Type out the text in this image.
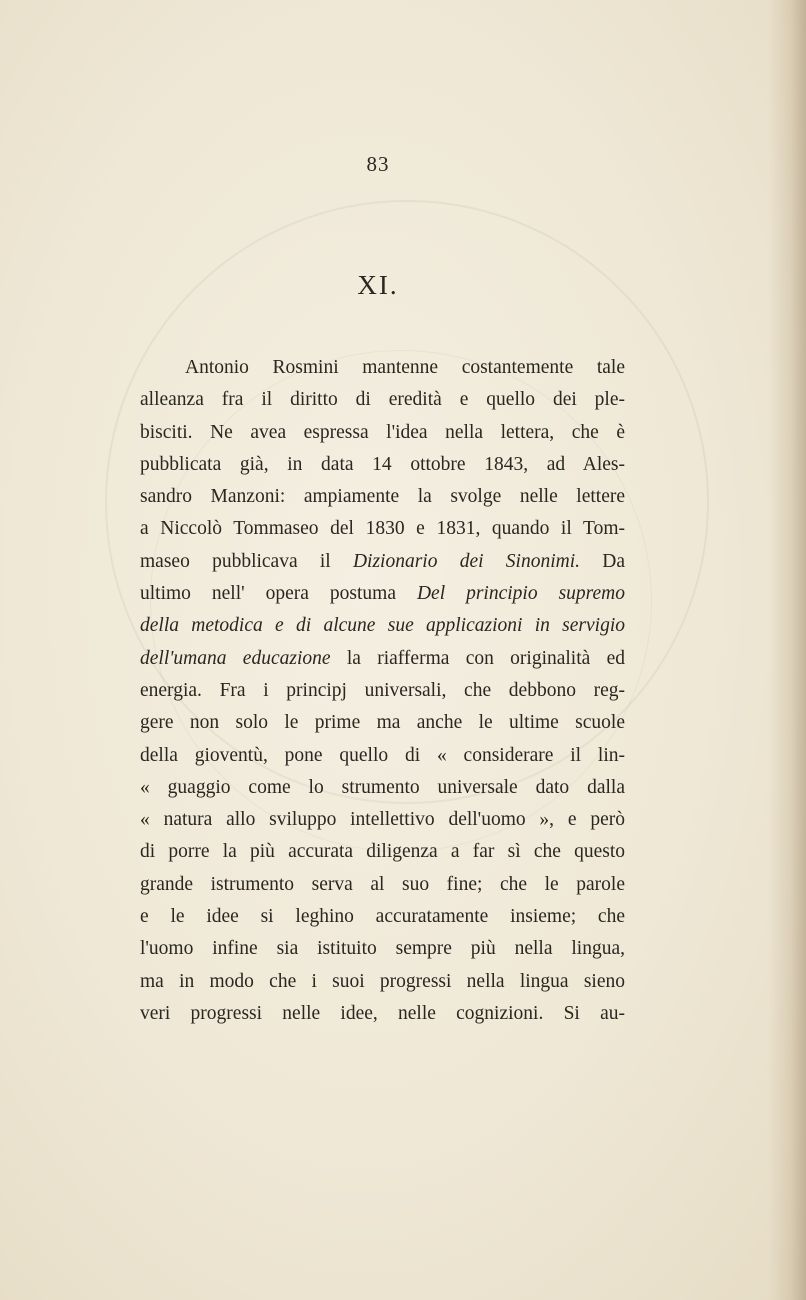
83
XI.
Antonio Rosmini mantenne costantemente tale
alleanza fra il diritto di eredità e quello dei ple-
bisciti. Ne avea espressa l'idea nella lettera, che è
pubblicata già, in data 14 ottobre 1843, ad Ales-
sandro Manzoni: ampiamente la svolge nelle lettere
a Niccolò Tommaseo del 1830 e 1831, quando il Tom-
maseo pubblicava il Dizionario dei Sinonimi. Da
ultimo nell' opera postuma Del principio supremo
della metodica e di alcune sue applicazioni in servigio
dell'umana educazione la riafferma con originalità ed
energia. Fra i principj universali, che debbono reg-
gere non solo le prime ma anche le ultime scuole
della gioventù, pone quello di « considerare il lin-
« guaggio come lo strumento universale dato dalla
« natura allo sviluppo intellettivo dell'uomo », e però
di porre la più accurata diligenza a far sì che questo
grande istrumento serva al suo fine; che le parole
e le idee si leghino accuratamente insieme; che
l'uomo infine sia istituito sempre più nella lingua,
ma in modo che i suoi progressi nella lingua sieno
veri progressi nelle idee, nelle cognizioni. Si au-
